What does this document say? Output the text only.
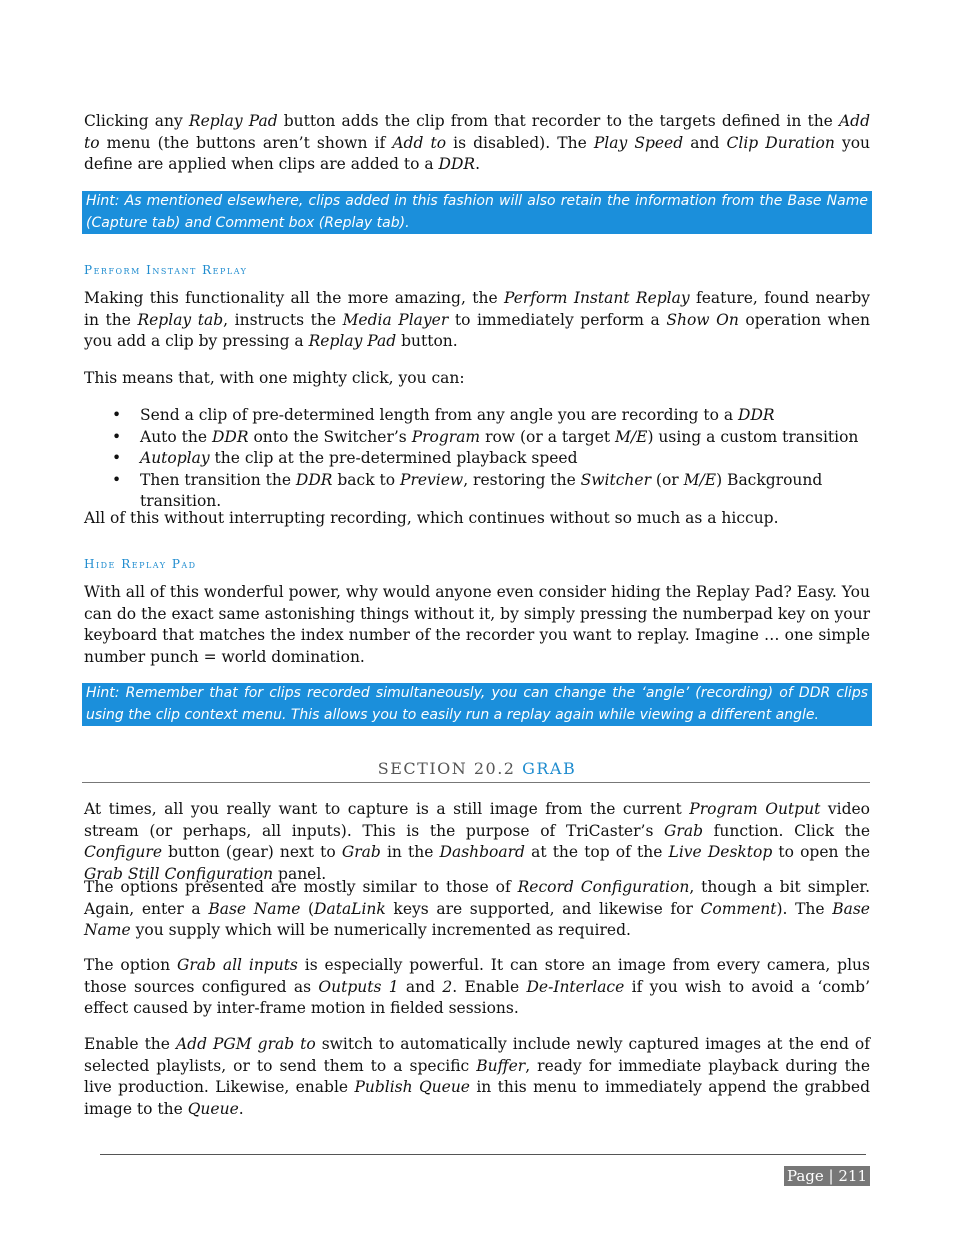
Clicking any Replay Pad button adds the clip from that recorder to the targets defined in the Add to menu (the buttons aren’t shown if Add to is disabled). The Play Speed and Clip Duration you define are applied when clips are added to a DDR.

Hint: As mentioned elsewhere, clips added in this fashion will also retain the information from the Base Name (Capture tab) and Comment box (Replay tab).
Perform Instant Replay

Making this functionality all the more amazing, the Perform Instant Replay feature, found nearby in the Replay tab, instructs the Media Player to immediately perform a Show On operation when you add a clip by pressing a Replay Pad button.

This means that, with one mighty click, you can:

• Send a clip of pre-determined length from any angle you are recording to a DDR
• Auto the DDR onto the Switcher’s Program row (or a target M/E) using a custom transition
• Autoplay the clip at the pre-determined playback speed
• Then transition the DDR back to Preview, restoring the Switcher (or M/E) Background transition.

All of this without interrupting recording, which continues without so much as a hiccup.

Hide Replay Pad

With all of this wonderful power, why would anyone even consider hiding the Replay Pad? Easy. You can do the exact same astonishing things without it, by simply pressing the numberpad key on your keyboard that matches the index number of the recorder you want to replay. Imagine … one simple number punch = world domination.

Hint: Remember that for clips recorded simultaneously, you can change the ‘angle’ (recording) of DDR clips using the clip context menu. This allows you to easily run a replay again while viewing a different angle.
SECTION 20.2 GRAB

At times, all you really want to capture is a still image from the current Program Output video stream (or perhaps, all inputs). This is the purpose of TriCaster’s Grab function. Click the Configure button (gear) next to Grab in the Dashboard at the top of the Live Desktop to open the Grab Still Configuration panel.

The options presented are mostly similar to those of Record Configuration, though a bit simpler. Again, enter a Base Name (DataLink keys are supported, and likewise for Comment). The Base Name you supply which will be numerically incremented as required.

The option Grab all inputs is especially powerful. It can store an image from every camera, plus those sources configured as Outputs 1 and 2. Enable De-Interlace if you wish to avoid a ‘comb’ effect caused by inter-frame motion in fielded sessions.

Enable the Add PGM grab to switch to automatically include newly captured images at the end of selected playlists, or to send them to a specific Buffer, ready for immediate playback during the live production. Likewise, enable Publish Queue in this menu to immediately append the grabbed image to the Queue.

Page | 211
